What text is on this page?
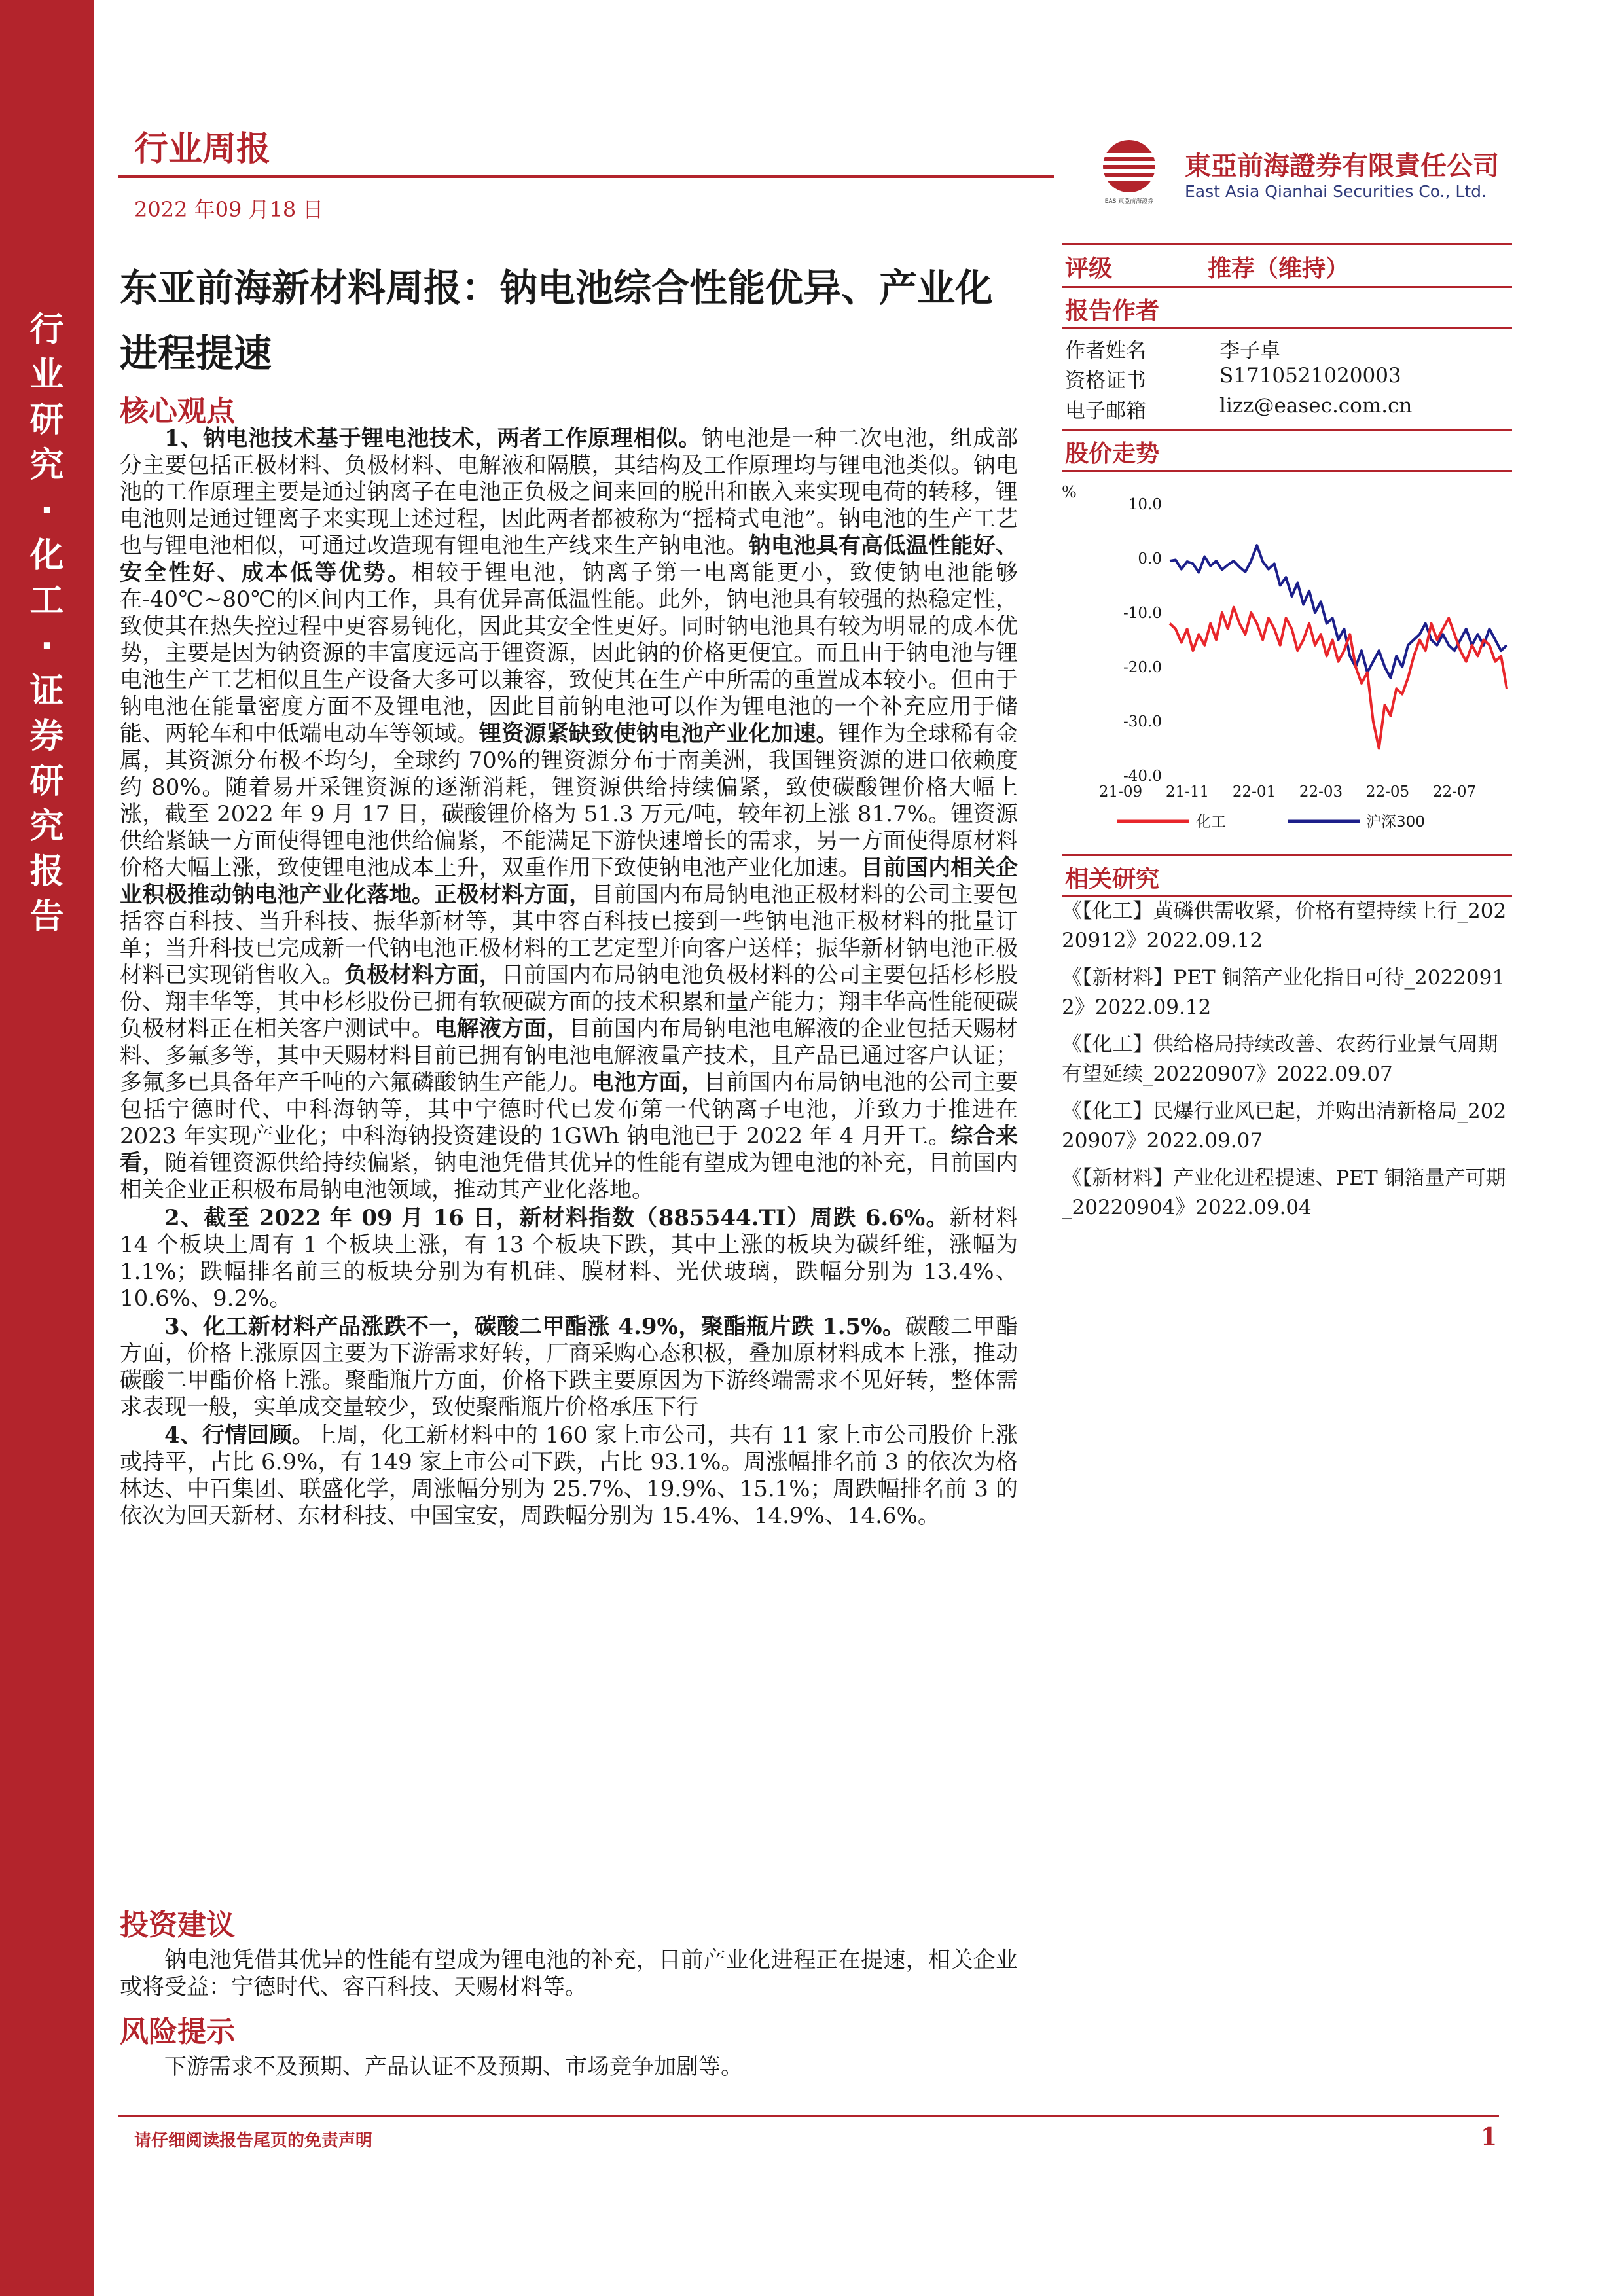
行
业
研
究
·
化
工
·
证
券
研
究
报
告
行业周报
2022 年09 月18 日	EAS 東亞前海證券
東亞前海證券有限責任公司
East Asia Qianhai Securities Co., Ltd.
东亚前海新材料周报：钠电池综合性能优异、产业化进程提速
核心观点

1、钠电池技术基于锂电池技术，两者工作原理相似。钠电池是一种二次电池，组成部分主要包括正极材料、负极材料、电解液和隔膜，其结构及工作原理均与锂电池类似。钠电池的工作原理主要是通过钠离子在电池正负极之间来回的脱出和嵌入来实现电荷的转移，锂电池则是通过锂离子来实现上述过程，因此两者都被称为“摇椅式电池”。钠电池的生产工艺也与锂电池相似，可通过改造现有锂电池生产线来生产钠电池。钠电池具有高低温性能好、安全性好、成本低等优势。相较于锂电池，钠离子第一电离能更小，致使钠电池能够在-40℃~80℃的区间内工作，具有优异高低温性能。此外，钠电池具有较强的热稳定性，致使其在热失控过程中更容易钝化，因此其安全性更好。同时钠电池具有较为明显的成本优势，主要是因为钠资源的丰富度远高于锂资源，因此钠的价格更便宜。而且由于钠电池与锂电池生产工艺相似且生产设备大多可以兼容，致使其在生产中所需的重置成本较小。但由于钠电池在能量密度方面不及锂电池，因此目前钠电池可以作为锂电池的一个补充应用于储能、两轮车和中低端电动车等领域。锂资源紧缺致使钠电池产业化加速。锂作为全球稀有金属，其资源分布极不均匀，全球约 70%的锂资源分布于南美洲，我国锂资源的进口依赖度约 80%。随着易开采锂资源的逐渐消耗，锂资源供给持续偏紧，致使碳酸锂价格大幅上涨，截至 2022 年 9 月 17 日，碳酸锂价格为 51.3 万元/吨，较年初上涨 81.7%。锂资源供给紧缺一方面使得锂电池供给偏紧，不能满足下游快速增长的需求，另一方面使得原材料价格大幅上涨，致使锂电池成本上升，双重作用下致使钠电池产业化加速。目前国内相关企业积极推动钠电池产业化落地。正极材料方面，目前国内布局钠电池正极材料的公司主要包括容百科技、当升科技、振华新材等，其中容百科技已接到一些钠电池正极材料的批量订单；当升科技已完成新一代钠电池正极材料的工艺定型并向客户送样；振华新材钠电池正极材料已实现销售收入。负极材料方面，目前国内布局钠电池负极材料的公司主要包括杉杉股份、翔丰华等，其中杉杉股份已拥有软硬碳方面的技术积累和量产能力；翔丰华高性能硬碳负极材料正在相关客户测试中。电解液方面，目前国内布局钠电池电解液的企业包括天赐材料、多氟多等，其中天赐材料目前已拥有钠电池电解液量产技术，且产品已通过客户认证；多氟多已具备年产千吨的六氟磷酸钠生产能力。电池方面，目前国内布局钠电池的公司主要包括宁德时代、中科海钠等，其中宁德时代已发布第一代钠离子电池，并致力于推进在 2023 年实现产业化；中科海钠投资建设的 1GWh 钠电池已于 2022 年 4 月开工。综合来看，随着锂资源供给持续偏紧，钠电池凭借其优异的性能有望成为锂电池的补充，目前国内相关企业正积极布局钠电池领域，推动其产业化落地。

2、截至 2022 年 09 月 16 日，新材料指数（885544.TI）周跌 6.6%。新材料 14 个板块上周有 1 个板块上涨，有 13 个板块下跌，其中上涨的板块为碳纤维，涨幅为 1.1%；跌幅排名前三的板块分别为有机硅、膜材料、光伏玻璃，跌幅分别为 13.4%、10.6%、9.2%。

3、化工新材料产品涨跌不一，碳酸二甲酯涨 4.9%，聚酯瓶片跌 1.5%。碳酸二甲酯方面，价格上涨原因主要为下游需求好转，厂商采购心态积极，叠加原材料成本上涨，推动碳酸二甲酯价格上涨。聚酯瓶片方面，价格下跌主要原因为下游终端需求不见好转，整体需求表现一般，实单成交量较少，致使聚酯瓶片价格承压下行

4、行情回顾。上周，化工新材料中的 160 家上市公司，共有 11 家上市公司股价上涨或持平，占比 6.9%，有 149 家上市公司下跌，占比 93.1%。周涨幅排名前 3 的依次为格林达、中百集团、联盛化学，周涨幅分别为 25.7%、19.9%、15.1%；周跌幅排名前 3 的依次为回天新材、东材科技、中国宝安，周跌幅分别为 15.4%、14.9%、14.6%。

投资建议
钠电池凭借其优异的性能有望成为锂电池的补充，目前产业化进程正在提速，相关企业或将受益：宁德时代、容百科技、天赐材料等。
风险提示
下游需求不及预期、产品认证不及预期、市场竞争加剧等。
评级	推荐（维持）
报告作者
作者姓名	李子卓
资格证书	S1710521020003
电子邮箱	lizz@easec.com.cn
股价走势
%
10.0
0.0
-10.0
-20.0
-30.0
-40.0
21-09 21-11 22-01 22-03 22-05 22-07
化工	沪深300
相关研究
《【化工】黄磷供需收紧，价格有望持续上行_20220912》2022.09.12
《【新材料】PET 铜箔产业化指日可待_20220912》2022.09.12
《【化工】供给格局持续改善、农药行业景气周期有望延续_20220907》2022.09.07
《【化工】民爆行业风已起，并购出清新格局_20220907》2022.09.07
《【新材料】产业化进程提速、PET 铜箔量产可期_20220904》2022.09.04
请仔细阅读报告尾页的免责声明	1
